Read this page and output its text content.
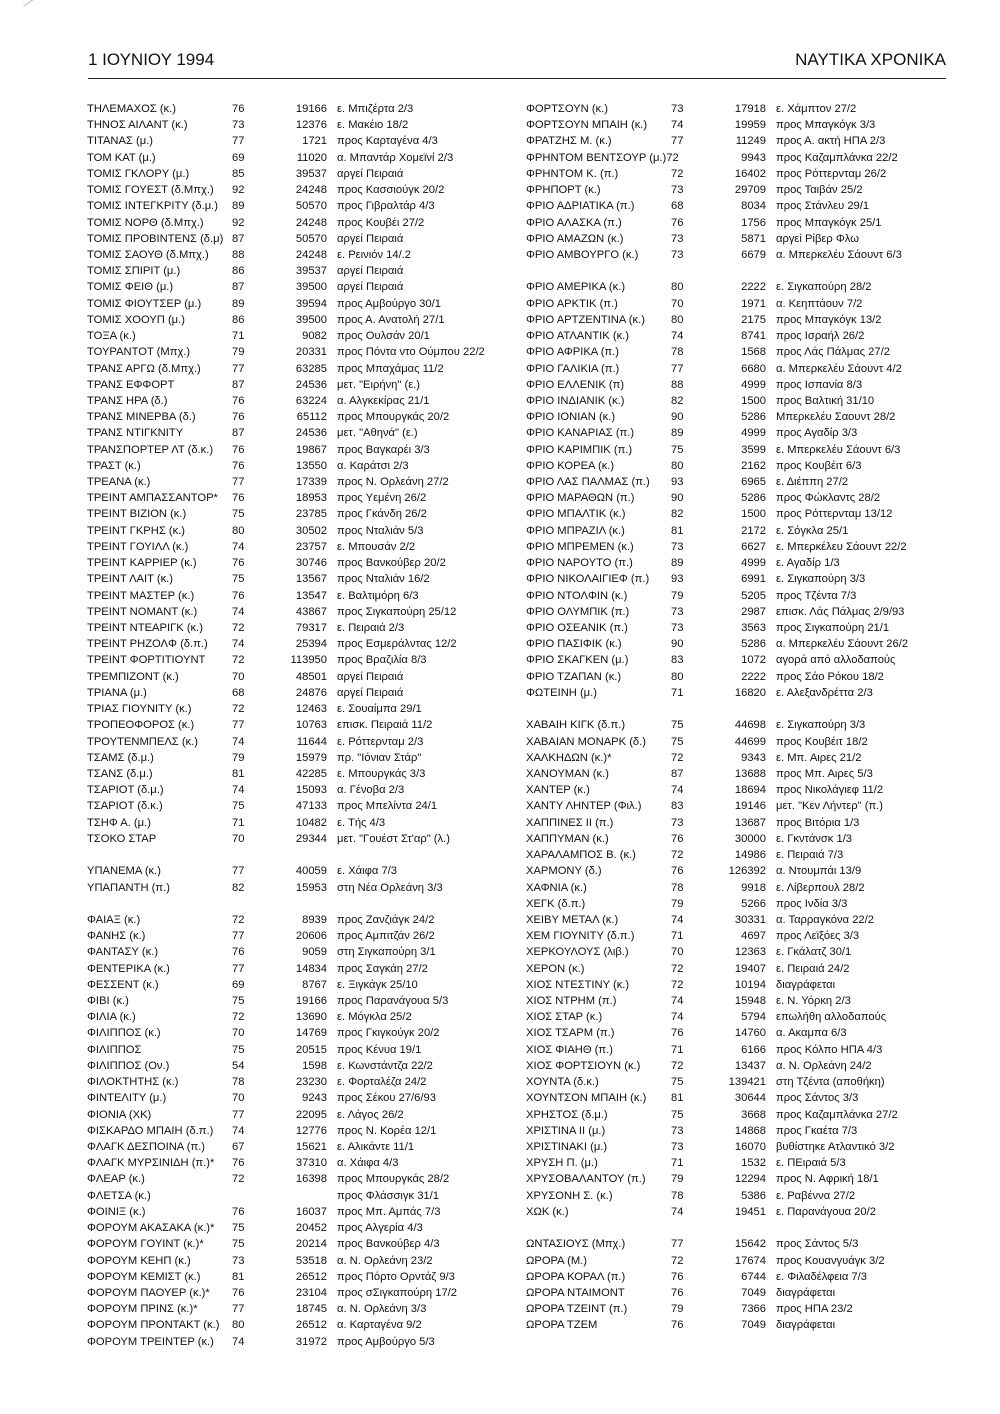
1 ΙΟΥΝΙΟΥ 1994	ΝΑΥΤΙΚΑ ΧΡΟΝΙΚΑ
ΤΗΛΕΜΑΧΟΣ (κ.)	76	19166 ε. Μπιζέρτα 2/3
ΤΗΝΟΣ ΑΙΛΑΝΤ (κ.)	73	12376 ε. Μακέιο 18/2
ΤΙΤΑΝΑΣ (μ.)	77	1721 προς Καρταγένα 4/3
ΤΟΜ ΚΑΤ (μ.)	69	11020 α. Μπαντάρ Χομεϊνί 2/3
ΤΟΜΙΣ ΓΚΛΟΡΥ (μ.)	85	39537 αργεί Πειραιά
ΤΟΜΙΣ ΓΟΥΕΣΤ (δ.Μπχ.) 92	24248 προς Κασσιούγκ 20/2
ΤΟΜΙΣ ΙΝΤΕΓΚΡΙΤΥ (δ.μ.) 89	50570 προς Γιβραλτάρ 4/3
ΤΟΜΙΣ ΝΟΡΘ (δ.Μπχ.)	92	24248 προς Κουβέι 27/2
ΤΟΜΙΣ ΠΡΟΒΙΝΤΕΝΣ (δ.μ) 87	50570 αργεί Πειραιά
ΤΟΜΙΣ ΣΑΟΥΘ (δ.Μπχ.) 88	24248 ε. Ρεινιόν 14/.2
ΤΟΜΙΣ ΣΠΙΡΙΤ (μ.)	86	39537 αργεί Πειραιά
ΤΟΜΙΣ ΦΕΙΘ (μ.)	87	39500 αργεί Πειραιά
ΤΟΜΙΣ ΦΙΟΥΤΣΕΡ (μ.)	89	39594 προς Αμβούργο 30/1
ΤΟΜΙΣ ΧΟΟΥΠ (μ.)	86	39500 προς Α. Ανατολή 27/1
ΤΟΞΑ (κ.)	71	9082 προς Ουλσάν 20/1
ΤΟΥΡΑΝΤΟΤ (Μπχ.)	79	20331 προς Πόντα ντο Ούμπου 22/2
ΤΡΑΝΣ ΑΡΓΩ (δ.Μπχ.)	77	63285 προς Μπαχάμας 11/2
ΤΡΑΝΣ ΕΦΦΟΡΤ	87	24536 μετ. "Ειρήνη" (ε.)
ΤΡΑΝΣ ΗΡΑ (δ.)	76	63224 α. Αλγκεκίρας 21/1
ΤΡΑΝΣ ΜΙΝΕΡΒΑ (δ.)	76	65112 προς Μπουργκάς 20/2
ΤΡΑΝΣ ΝΤΙΓΚΝΙΤΥ	87	24536 μετ. "Αθηνά" (ε.)
ΤΡΑΝΣΠΟΡΤΕΡ ΛΤ (δ.κ.) 76	19867 προς Βαγκαρέι 3/3
ΤΡΑΣΤ (κ.)	76	13550 α. Καράτσι 2/3
ΤΡΕΑΝΑ (κ.)	77	17339 προς Ν. Ορλεάνη 27/2
ΤΡΕΙΝΤ ΑΜΠΑΣΣΑΝΤΟΡ* 76	18953 προς Υεμένη 26/2
ΤΡΕΙΝΤ ΒΙΖΙΟΝ (κ.)	75	23785 προς Γκάνδη 26/2
ΤΡΕΙΝΤ ΓΚΡΗΣ (κ.)	80	30502 προς Νταλιάν 5/3
ΤΡΕΙΝΤ ΓΟΥΙΛΛ (κ.)	74	23757 ε. Μπουσάν 2/2
ΤΡΕΙΝΤ ΚΑΡΡΙΕΡ (κ.)	76	30746 προς Βανκούβερ 20/2
ΤΡΕΙΝΤ ΛΑΙΤ (κ.)	75	13567 προς Νταλιάν 16/2
ΤΡΕΙΝΤ ΜΑΣΤΕΡ (κ.)	76	13547 ε. Βαλτιμόρη 6/3
ΤΡΕΙΝΤ ΝΟΜΑΝΤ (κ.)	74	43867 προς Σιγκαπούρη 25/12
ΤΡΕΙΝΤ ΝΤΕΑΡΙΓΚ (κ.)	72	79317 ε. Πειραιά 2/3
ΤΡΕΙΝΤ ΡΗΖΟΛΦ (δ.π.) 74	25394 προς Εσμεράλντας 12/2
ΤΡΕΙΝΤ ΦΟΡΤΙΤΙΟΥΝΤ 72	113950 προς Βραζιλία 8/3
ΤΡΕΜΠΙΖΟΝΤ (κ.)	70	48501 αργεί Πειραιά
ΤΡΙΑΝΑ (μ.)	68	24876 αργεί Πειραιά
ΤΡΙΑΣ ΓΙΟΥΝΙΤΥ (κ.)	72	12463 ε. Σουαίμπα 29/1
ΤΡΟΠΕΟΦΟΡΟΣ (κ.)	77	10763 επισκ. Πειραιά 11/2
ΤΡΟΥΤΕΝΜΠΕΛΣ (κ.)	74	11644 ε. Ρόττερνταμ 2/3
ΤΣΑΜΣ (δ.μ.)	79	15979 πρ. "Ιόνιαν Στάρ"
ΤΣΑΝΣ (δ.μ.)	81	42285 ε. Μπουργκάς 3/3
ΤΣΑΡΙΟΤ (δ.μ.)	74	15093 α. Γένοβα 2/3
ΤΣΑΡΙΟΤ (δ.κ.)	75	47133 προς Μπελίντα 24/1
ΤΣΗΦ Α. (μ.)	71	10482 ε. Τής 4/3
ΤΣΟΚΟ ΣΤΑΡ	70	29344 μετ. "Γουέστ Στ'αρ" (λ.)
ΥΠΑΝΕΜΑ (κ.)	77	40059 ε. Χάιφα 7/3
ΥΠΑΠΑΝΤΗ (π.)	82	15953 στη Νέα Ορλεάνη 3/3
ΦΑΙΑΞ (κ.)	72	8939 προς Ζανζιάγκ 24/2
ΦΑΝΗΣ (κ.)	77	20606 προς Αμπιτζάν 26/2
ΦΑΝΤΑΣΥ (κ.)	76	9059 στη Σιγκαπούρη 3/1
ΦΕΝΤΕΡΙΚΑ (κ.)	77	14834 προς Σαγκάη 27/2
ΦΕΣΣΕΝΤ (κ.)	69	8767 ε. Ξιγκάγκ 25/10
ΦΙΒΙ (κ.)	75	19166 προς Παρανάγουα 5/3
ΦΙΛΙΑ (κ.)	72	13690 ε. Μόγκλα 25/2
ΦΙΛΙΠΠΟΣ (κ.)	70	14769 προς Γκιγκούγκ 20/2
ΦΙΛΙΠΠΟΣ	75	20515 προς Κένυα 19/1
ΦΙΛΙΠΠΟΣ (Ον.)	54	1598 ε. Κωνστάντζα 22/2
ΦΙΛΟΚΤΗΤΗΣ (κ.)	78	23230 ε. Φορταλέζα 24/2
ΦΙΝΤΕΛΙΤΥ (μ.)	70	9243 προς Σέκου 27/6/93
ΦΙΟΝΙΑ (ΧΚ)	77	22095 ε. Λάγος 26/2
ΦΙΣΚΑΡΔΟ ΜΠΑΙΗ (δ.π.) 74	12776 προς Ν. Κορέα 12/1
ΦΛΑΓΚ ΔΕΣΠΟΙΝΑ (π.) 67	15621 ε. Αλικάντε 11/1
ΦΛΑΓΚ ΜΥΡΣΙΝΙΔΗ (π.)* 76	37310 α. Χάιφα 4/3
ΦΛΕΑΡ (κ.)	72	16398 προς Μπουργκάς 28/2
ΦΛΕΤΣΑ (κ.)	προς Φλάσσιγκ 31/1
ΦΟΙΝΙΞ (κ.)	76	16037 προς Μπ. Αμπάς 7/3
ΦΟΡΟΥΜ ΑΚΑΣΑΚΑ (κ.)* 75	20452 προς Αλγερία 4/3
ΦΟΡΟΥΜ ΓΟΥΙΝΤ (κ.)*	75	20214 προς Βανκούβερ 4/3
ΦΟΡΟΥΜ ΚΕΗΠ (κ.)	73	53518 α. Ν. Ορλεάνη 23/2
ΦΟΡΟΥΜ ΚΕΜΙΣΤ (κ.)	81	26512 προς Πόρτο Ορντάζ 9/3
ΦΟΡΟΥΜ ΠΑΟΥΕΡ (κ.)* 76	23104 προς σΣιγκαπούρη 17/2
ΦΟΡΟΥΜ ΠΡΙΝΣ (κ.)*	77	18745 α. Ν. Ορλεάνη 3/3
ΦΟΡΟΥΜ ΠΡΟΝΤΑΚΤ (κ.) 80	26512 α. Καρταγένα 9/2
ΦΟΡΟΥΜ ΤΡΕΙΝΤΕΡ (κ.) 74	31972 προς Αμβούργο 5/3
ΦΟΡΤΣΟΥΝ (κ.)	73	17918 ε. Χάμπτον 27/2
ΦΟΡΤΣΟΥΝ ΜΠΑΙΗ (κ.) 74	19959 προς Μπαγκόγκ 3/3
ΦΡΑΤΖΗΣ Μ. (κ.)	77	11249 προς Α. ακτή ΗΠΑ 2/3
ΦΡΗΝΤΟΜ ΒΕΝΤΣΟΥΡ (μ.)72	9943 προς Καζαμπλάνκα 22/2
ΦΡΗΝΤΟΜ Κ. (π.)	72	16402 προς Ρόττερνταμ 26/2
ΦΡΗΠΟΡΤ (κ.)	73	29709 προς Ταιβάν 25/2
ΦΡΙΟ ΑΔΡΙΑΤΙΚΑ (π.)	68	8034 προς Στάνλευ 29/1
ΦΡΙΟ ΑΛΑΣΚΑ (π.)	76	1756 προς Μπαγκόγκ 25/1
ΦΡΙΟ ΑΜΑΖΩΝ (κ.)	73	5871 αργεί Ρίβερ Φλω
ΦΡΙΟ ΑΜΒΟΥΡΓΟ (κ.)	73	6679 α. Μπερκελέυ Σάουντ 6/3
ΦΡΙΟ ΑΜΕΡΙΚΑ (κ.)	80	2222 ε. Σιγκαπούρη 28/2
ΦΡΙΟ ΑΡΚΤΙΚ (π.)	70	1971 α. Κεηπτάουν 7/2
ΦΡΙΟ ΑΡΤΖΕΝΤΙΝΑ (κ.) 80	2175 προς Μπαγκόγκ 13/2
ΦΡΙΟ ΑΤΛΑΝΤΙΚ (κ.)	74	8741 προς Ισραήλ 26/2
ΦΡΙΟ ΑΦΡΙΚΑ (π.)	78	1568 προς Λάς Πάλμας 27/2
ΦΡΙΟ ΓΑΛΙΚΙΑ (π.)	77	6680 α. Μπερκελέυ Σάουντ 4/2
ΦΡΙΟ ΕΛΛΕΝΙΚ (π)	88	4999 προς Ισπανία 8/3
ΦΡΙΟ ΙΝΔΙΑΝΙΚ (κ.)	82	1500 προς Βαλτική 31/10
ΦΡΙΟ ΙΟΝΙΑΝ (κ.)	90	5286 Μπερκελέυ Σαουντ 28/2
ΦΡΙΟ ΚΑΝΑΡΙΑΣ (π.)	89	4999 προς Αγαδίρ 3/3
ΦΡΙΟ ΚΑΡΙΜΠΙΚ (π.)	75	3599 ε. Μπερκελέυ Σάουντ 6/3
ΦΡΙΟ ΚΟΡΕΑ (κ.)	80	2162 προς Κουβέιτ 6/3
ΦΡΙΟ ΛΑΣ ΠΑΛΜΑΣ (π.) 93	6965 ε. Διέππη 27/2
ΦΡΙΟ ΜΑΡΑΘΩΝ (π.)	90	5286 προς Φώκλαντς 28/2
ΦΡΙΟ ΜΠΑΛΤΙΚ (κ.)	82	1500 προς Ρόττερνταμ 13/12
ΦΡΙΟ ΜΠΡΑΖΙΛ (κ.)	81	2172 ε. Σόγκλα 25/1
ΦΡΙΟ ΜΠΡΕΜΕΝ (κ.)	73	6627 ε. Μπερκέλευ Σάουντ 22/2
ΦΡΙΟ ΝΑΡΟΥΤΟ (π.)	89	4999 ε. Αγαδίρ 1/3
ΦΡΙΟ ΝΙΚΟΛΑΙΓΙΕΦ (π.) 93	6991 ε. Σιγκαπούρη 3/3
ΦΡΙΟ ΝΤΟΛΦΙΝ (κ.)	79	5205 προς Τζέντα 7/3
ΦΡΙΟ ΟΛΥΜΠΙΚ (π.)	73	2987 επισκ. Λάς Πάλμας 2/9/93
ΦΡΙΟ ΟΣΕΑΝΙΚ (π.)	73	3563 προς Σιγκαπούρη 21/1
ΦΡΙΟ ΠΑΣΙΦΙΚ (κ.)	90	5286 α. Μπερκελέυ Σάουντ 26/2
ΦΡΙΟ ΣΚΑΓΚΕΝ (μ.)	83	1072 αγορά από αλλοδαπούς
ΦΡΙΟ ΤΖΑΠΑΝ (κ.)	80	2222 προς Σάο Ρόκου 18/2
ΦΩΤΕΙΝΗ (μ.)	71	16820 ε. Αλεξανδρέττα 2/3
ΧΑΒΑΙΗ ΚΙΓΚ (δ.π.)	75	44698 ε. Σιγκαπούρη 3/3
ΧΑΒΑΙΑΝ ΜΟΝΑΡΚ (δ.) 75	44699 προς Κουβέιτ 18/2
ΧΑΛΚΗΔΩΝ (κ.)*	72	9343 ε. Μπ. Αιρες 21/2
ΧΑΝΟΥΜΑΝ (κ.)	87	13688 προς Μπ. Αιρες 5/3
ΧΑΝΤΕΡ (κ.)	74	18694 προς Νικολάγιεφ 11/2
ΧΑΝΤΥ ΛΗΝΤΕΡ (Φιλ.)	83	19146 μετ. "Κεν Λήντερ" (π.)
ΧΑΠΠΙΝΕΣ ΙΙ (π.)	73	13687 προς Βιτόρια 1/3
ΧΑΠΠΥΜΑΝ (κ.)	76	30000 ε. Γκντάνσκ 1/3
ΧΑΡΑΛΑΜΠΟΣ Β. (κ.)	72	14986 ε. Πειραιά 7/3
ΧΑΡΜΟΝΥ (δ.)	76	126392 α. Ντουμπάι 13/9
ΧΑΦΝΙΑ (κ.)	78	9918 ε. Λίβερπουλ 28/2
ΧΕΓΚ (δ.π.)	79	5266 προς Ινδία 3/3
ΧΕΙΒΥ ΜΕΤΑΛ (κ.)	74	30331 α. Ταρραγκόνα 22/2
ΧΕΜ ΓΙΟΥΝΙΤΥ (δ.π.)	71	4697 προς Λεϊξόες 3/3
ΧΕΡΚΟΥΛΟΥΣ (λιβ.)	70	12363 ε. Γκάλατζ 30/1
ΧΕΡΟΝ (κ.)	72	19407 ε. Πειραιά 24/2
ΧΙΟΣ ΝΤΕΣΤΙΝΥ (κ.)	72	10194 διαγράφεται
ΧΙΟΣ ΝΤΡΗΜ (π.)	74	15948 ε. Ν. Υόρκη 2/3
ΧΙΟΣ ΣΤΑΡ (κ.)	74	5794 επωλήθη αλλοδαπούς
ΧΙΟΣ ΤΣΑΡΜ (π.)	76	14760 α. Ακαμπα 6/3
ΧΙΟΣ ΦΙΑΗΘ (π.)	71	6166 προς Κόλπο ΗΠΑ 4/3
ΧΙΟΣ ΦΟΡΤΣΙΟΥΝ (κ.)	72	13437 α. Ν. Ορλεάνη 24/2
ΧΟΥΝΤΑ (δ.κ.)	75	139421 στη Τζέντα (αποθήκη)
ΧΟΥΝΤΣΟΝ ΜΠΑΙΗ (κ.) 81	30644 προς Σάντος 3/3
ΧΡΗΣΤΟΣ (δ.μ.)	75	3668 προς Καζαμπλάνκα 27/2
ΧΡΙΣΤΙΝΑ ΙΙ (μ.)	73	14868 προς Γκαέτα 7/3
ΧΡΙΣΤΙΝΑΚΙ (μ.)	73	16070 βυθίστηκε Ατλαντικό 3/2
ΧΡΥΣΗ Π. (μ.)	71	1532 ε. ΠΕιραιά 5/3
ΧΡΥΣΟΒΑΛΑΝΤΟΥ (π.) 79	12294 προς Ν. Αφρική 18/1
ΧΡΥΣΟΝΗ Σ. (κ.)	78	5386 ε. Ραβέννα 27/2
ΧΩΚ (κ.)	74	19451 ε. Παρανάγουα 20/2
ΩΝΤΑΣΙΟΥΣ (Μπχ.)	77	15642 προς Σάντος 5/3
ΩΡΟΡΑ (Μ.)	72	17674 προς Κουανγυάγκ 3/2
ΩΡΟΡΑ ΚΟΡΑΛ (π.)	76	6744 ε. Φιλαδέλφεια 7/3
ΩΡΟΡΑ ΝΤΑΙΜΟΝΤ	76	7049 διαγράφεται
ΩΡΟΡΑ ΤΖΕΙΝΤ (π.)	79	7366 προς ΗΠΑ 23/2
ΩΡΟΡΑ ΤΖΕΜ	76	7049 διαγράφεται
